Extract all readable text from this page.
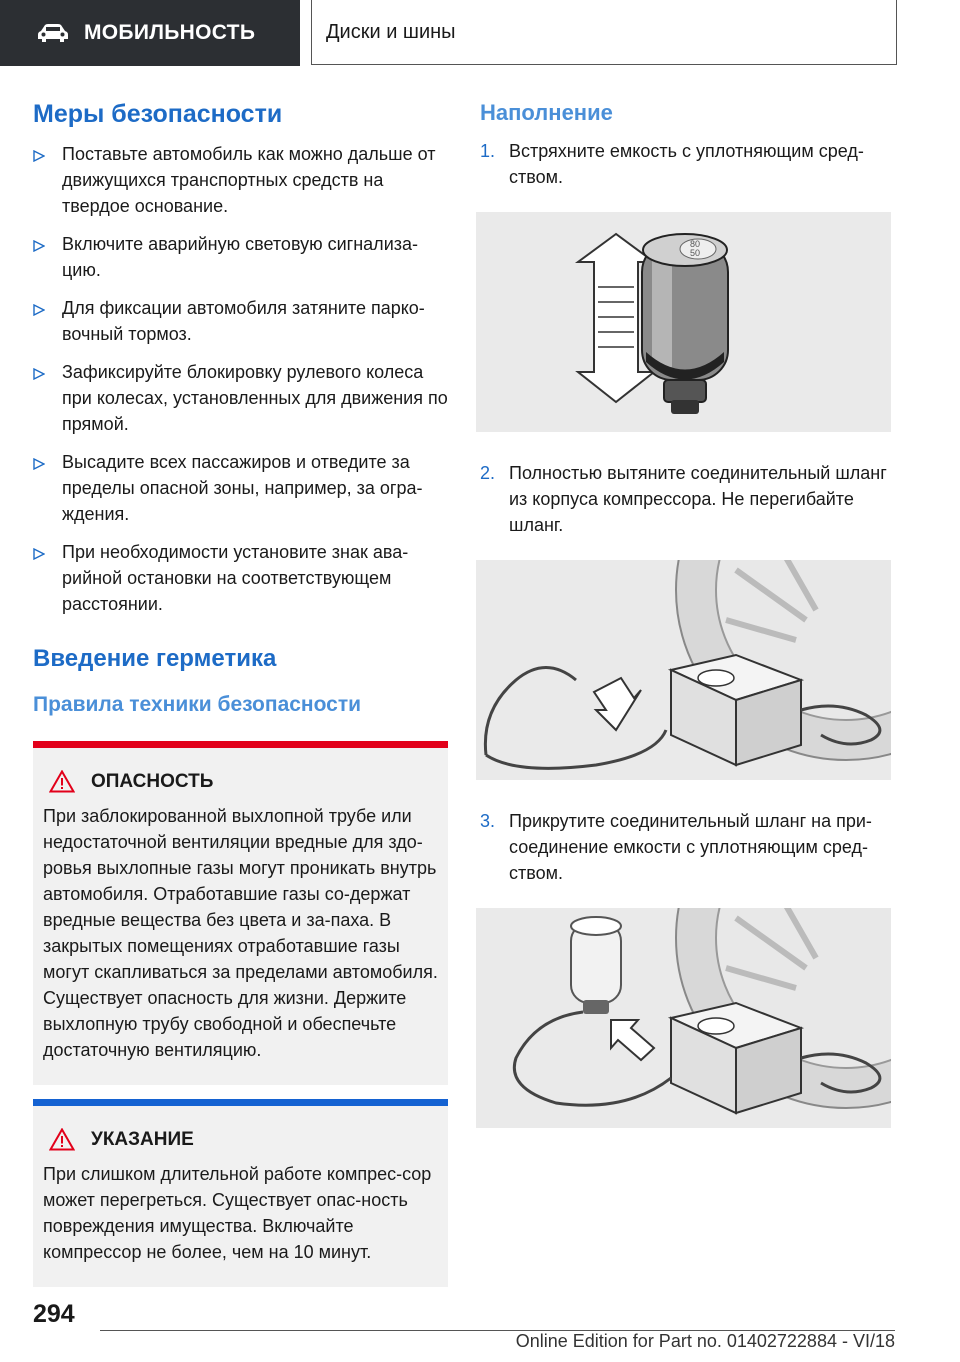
МОБИЛЬНОСТЬ	Диски и шины
Меры безопасности
Поставьте автомобиль как можно дальше от движущихся транспортных средств на твердое основание.
Включите аварийную световую сигнализа-цию.
Для фиксации автомобиля затяните парко-вочный тормоз.
Зафиксируйте блокировку рулевого колеса при колесах, установленных для движения по прямой.
Высадите всех пассажиров и отведите за пределы опасной зоны, например, за огра-ждения.
При необходимости установите знак ава-рийной остановки на соответствующем расстоянии.
Введение герметика
Правила техники безопасности
ОПАСНОСТЬ

При заблокированной выхлопной трубе или недостаточной вентиляции вредные для здо-ровья выхлопные газы могут проникать внутрь автомобиля. Отработавшие газы со-держат вредные вещества без цвета и за-паха. В закрытых помещениях отработавшие газы могут скапливаться за пределами автомобиля. Существует опасность для жизни. Держите выхлопную трубу свободной и обеспечьте достаточную вентиляцию.

УКАЗАНИЕ

При слишком длительной работе компрес-сор может перегреться. Существует опас-ность повреждения имущества. Включайте компрессор не более, чем на 10 минут.

Наполнение
1. Встряхните емкость с уплотняющим сред-ством.
80
50
2. Полностью вытяните соединительный шланг из корпуса компрессора. Не перегибайте шланг.
3. Прикрутите соединительный шланг на при-соединение емкости с уплотняющим сред-ством.
294
Online Edition for Part no. 01402722884 - VI/18
